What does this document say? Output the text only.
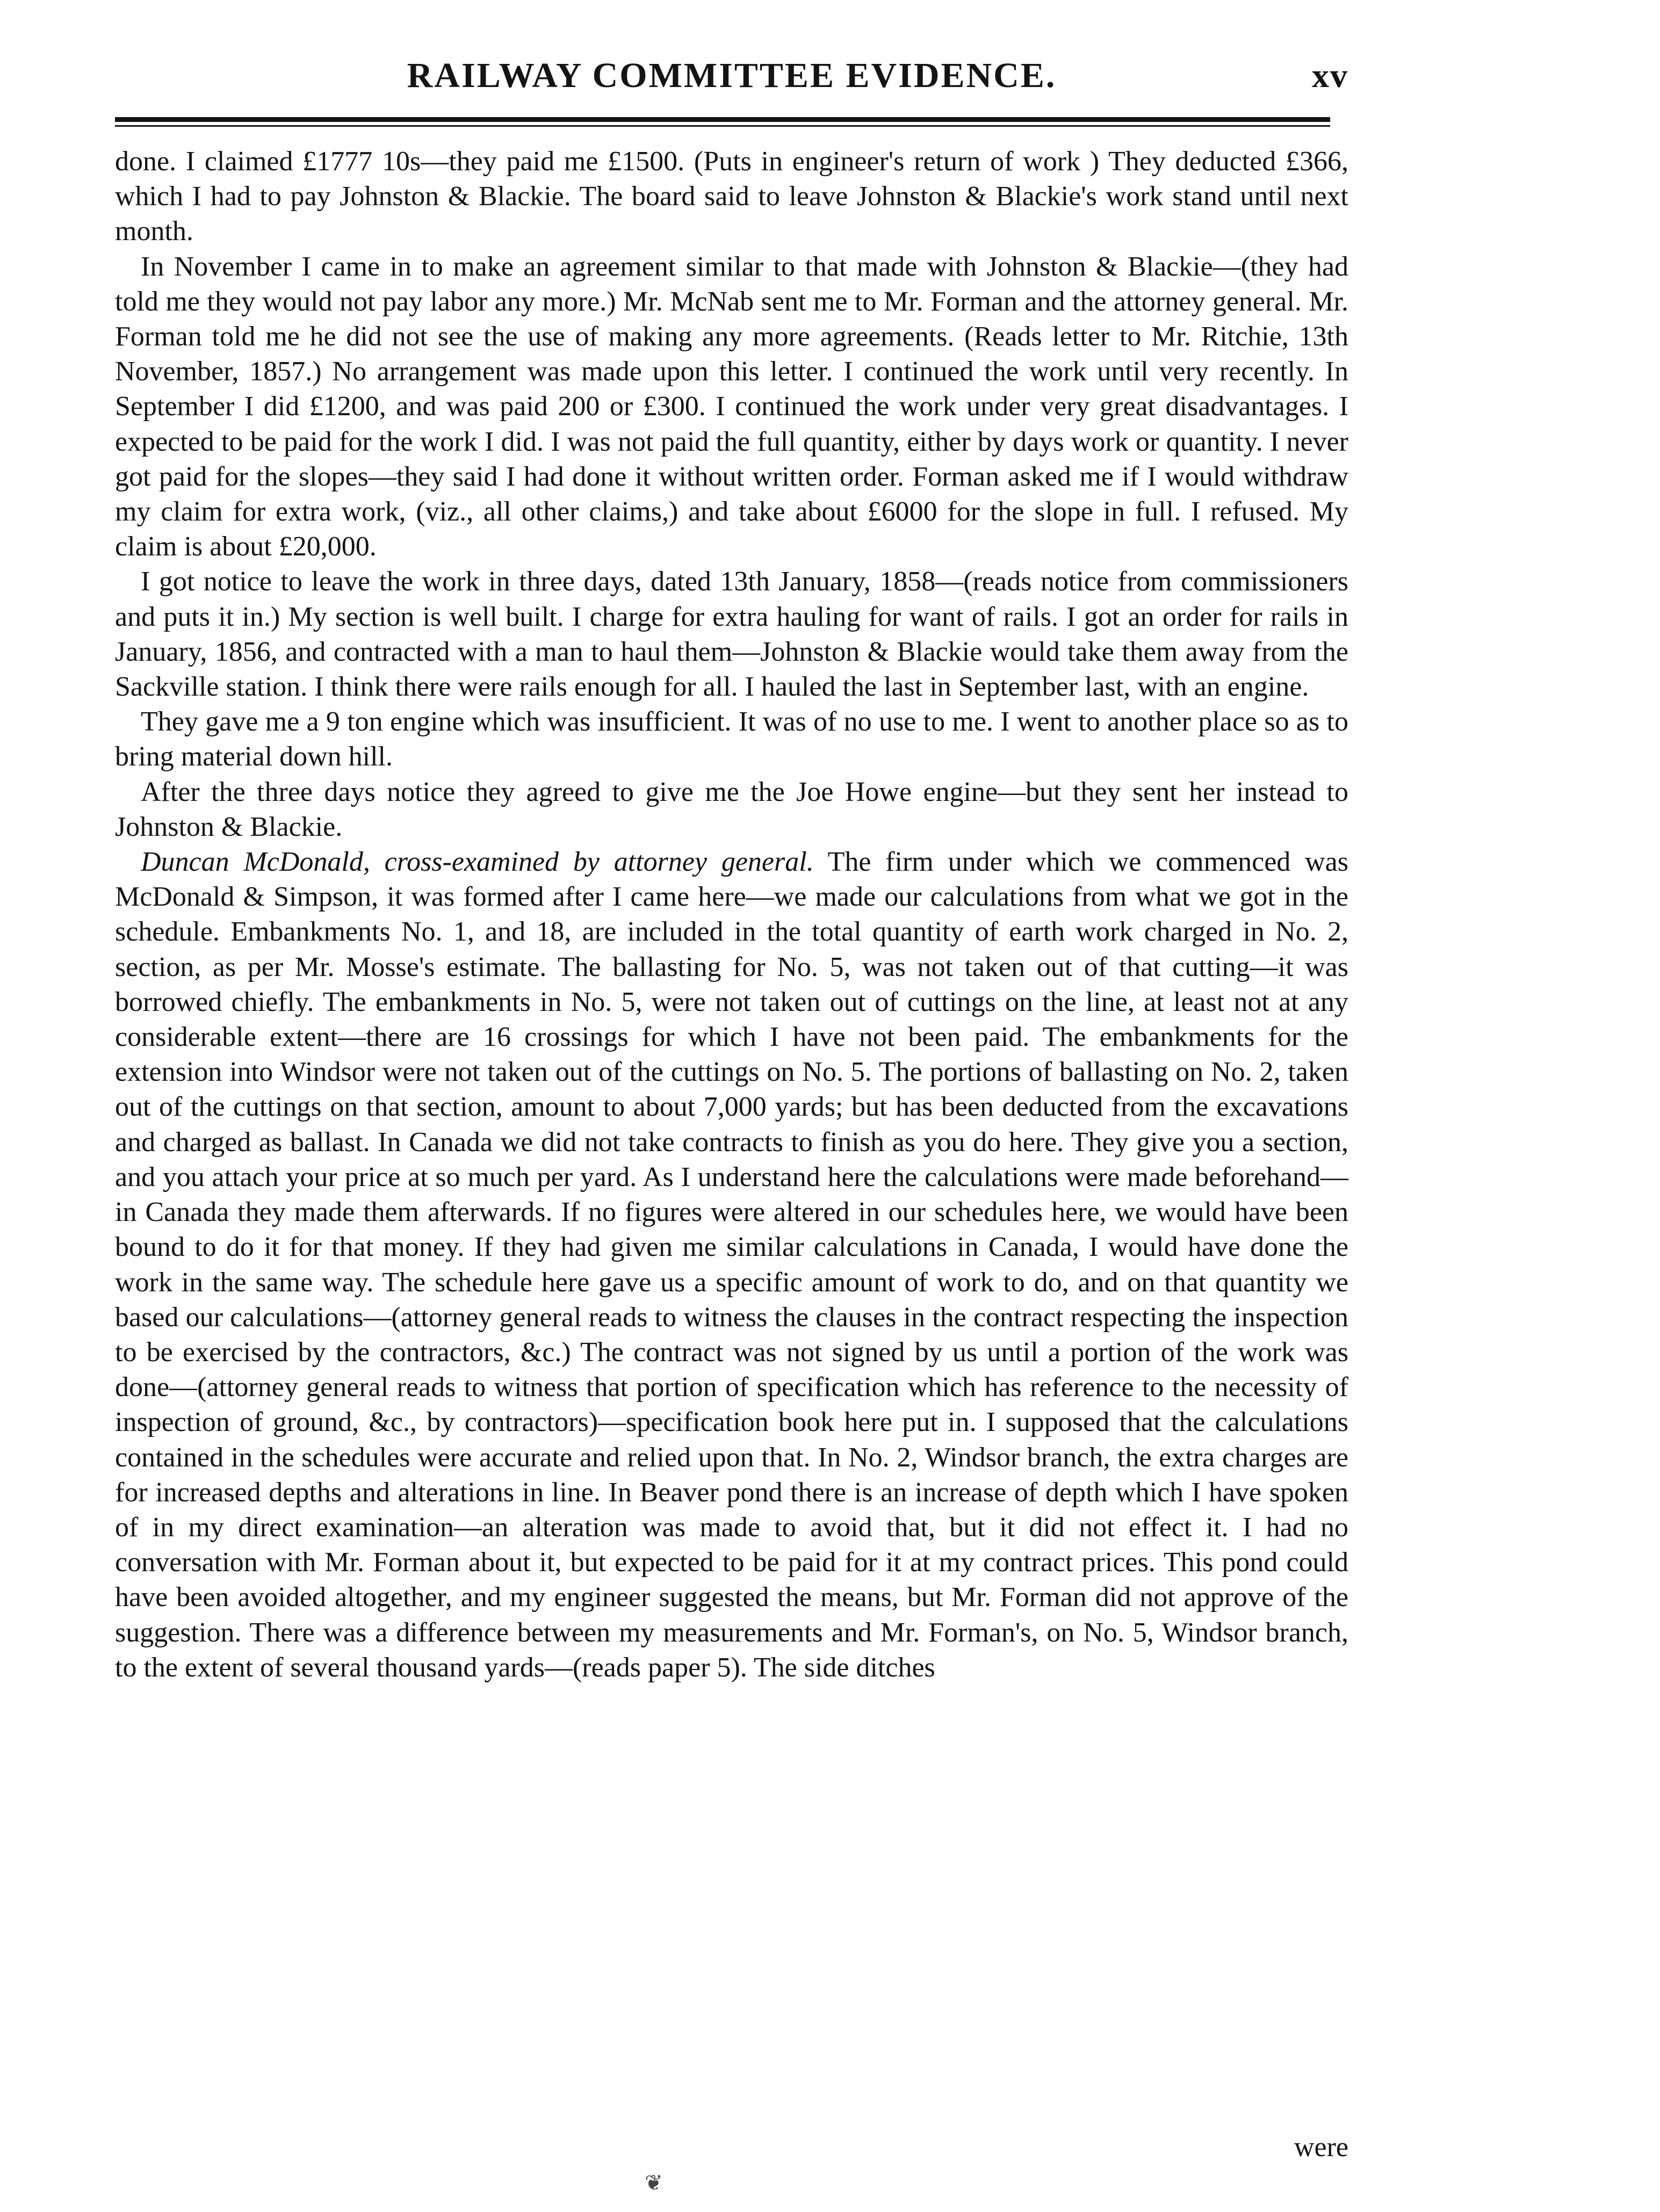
RAILWAY COMMITTEE EVIDENCE.	xv

done. I claimed £1777 10s—they paid me £1500. (Puts in engineer's return of work ) They deducted £366, which I had to pay Johnston & Blackie. The board said to leave Johnston & Blackie's work stand until next month.

In November I came in to make an agreement similar to that made with Johnston & Blackie—(they had told me they would not pay labor any more.) Mr. McNab sent me to Mr. Forman and the attorney general. Mr. Forman told me he did not see the use of making any more agreements. (Reads letter to Mr. Ritchie, 13th November, 1857.) No arrangement was made upon this letter. I continued the work until very recently. In September I did £1200, and was paid 200 or £300. I continued the work under very great disadvantages. I expected to be paid for the work I did. I was not paid the full quantity, either by days work or quantity. I never got paid for the slopes—they said I had done it without written order. Forman asked me if I would withdraw my claim for extra work, (viz., all other claims,) and take about £6000 for the slope in full. I refused. My claim is about £20,000.

I got notice to leave the work in three days, dated 13th January, 1858—(reads notice from commissioners and puts it in.) My section is well built. I charge for extra hauling for want of rails. I got an order for rails in January, 1856, and contracted with a man to haul them—Johnston & Blackie would take them away from the Sackville station. I think there were rails enough for all. I hauled the last in September last, with an engine.

They gave me a 9 ton engine which was insufficient. It was of no use to me. I went to another place so as to bring material down hill.

After the three days notice they agreed to give me the Joe Howe engine—but they sent her instead to Johnston & Blackie.

Duncan McDonald, cross-examined by attorney general. The firm under which we commenced was McDonald & Simpson, it was formed after I came here—we made our calculations from what we got in the schedule. Embankments No. 1, and 18, are included in the total quantity of earth work charged in No. 2, section, as per Mr. Mosse's estimate. The ballasting for No. 5, was not taken out of that cutting—it was borrowed chiefly. The embankments in No. 5, were not taken out of cuttings on the line, at least not at any considerable extent—there are 16 crossings for which I have not been paid. The embankments for the extension into Windsor were not taken out of the cuttings on No. 5. The portions of ballasting on No. 2, taken out of the cuttings on that section, amount to about 7,000 yards; but has been deducted from the excavations and charged as ballast. In Canada we did not take contracts to finish as you do here. They give you a section, and you attach your price at so much per yard. As I understand here the calculations were made beforehand—in Canada they made them afterwards. If no figures were altered in our schedules here, we would have been bound to do it for that money. If they had given me similar calculations in Canada, I would have done the work in the same way. The schedule here gave us a specific amount of work to do, and on that quantity we based our calculations—(attorney general reads to witness the clauses in the contract respecting the inspection to be exercised by the contractors, &c.) The contract was not signed by us until a portion of the work was done—(attorney general reads to witness that portion of specification which has reference to the necessity of inspection of ground, &c., by contractors)—specification book here put in. I supposed that the calculations contained in the schedules were accurate and relied upon that. In No. 2, Windsor branch, the extra charges are for increased depths and alterations in line. In Beaver pond there is an increase of depth which I have spoken of in my direct examination—an alteration was made to avoid that, but it did not effect it. I had no conversation with Mr. Forman about it, but expected to be paid for it at my contract prices. This pond could have been avoided altogether, and my engineer suggested the means, but Mr. Forman did not approve of the suggestion. There was a difference between my measurements and Mr. Forman's, on No. 5, Windsor branch, to the extent of several thousand yards—(reads paper 5). The side ditches

were
❦
